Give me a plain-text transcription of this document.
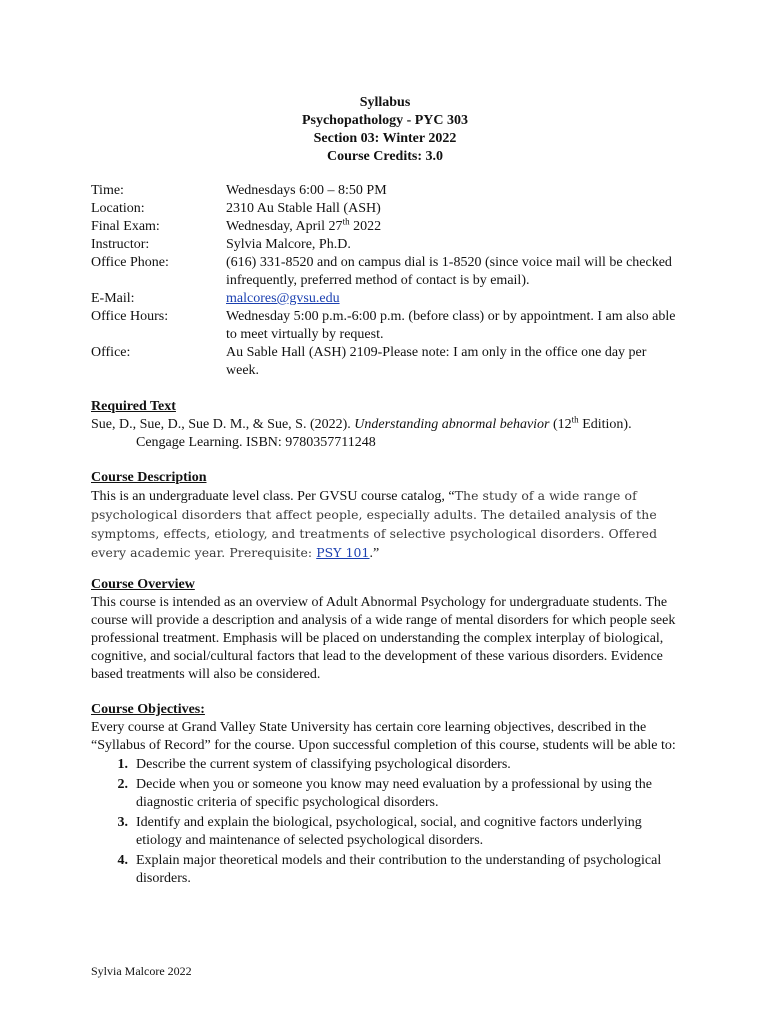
Syllabus
Psychopathology - PYC 303
Section 03: Winter 2022
Course Credits: 3.0
Time:	Wednesdays 6:00 – 8:50 PM
Location:	2310 Au Stable Hall (ASH)
Final Exam:	Wednesday, April 27th 2022
Instructor:	Sylvia Malcore, Ph.D.
Office Phone:	(616) 331-8520 and on campus dial is 1-8520 (since voice mail will be checked infrequently, preferred method of contact is by email).
E-Mail:	malcores@gvsu.edu
Office Hours:	Wednesday 5:00 p.m.-6:00 p.m. (before class) or by appointment. I am also able to meet virtually by request.
Office:	Au Sable Hall (ASH) 2109-Please note: I am only in the office one day per week.
Required Text
Sue, D., Sue, D., Sue D. M., & Sue, S. (2022). Understanding abnormal behavior (12th Edition). Cengage Learning. ISBN: 9780357711248
Course Description
This is an undergraduate level class. Per GVSU course catalog, “The study of a wide range of psychological disorders that affect people, especially adults. The detailed analysis of the symptoms, effects, etiology, and treatments of selective psychological disorders. Offered every academic year. Prerequisite: PSY 101.”
Course Overview
This course is intended as an overview of Adult Abnormal Psychology for undergraduate students. The course will provide a description and analysis of a wide range of mental disorders for which people seek professional treatment. Emphasis will be placed on understanding the complex interplay of biological, cognitive, and social/cultural factors that lead to the development of these various disorders. Evidence based treatments will also be considered.
Course Objectives:
Every course at Grand Valley State University has certain core learning objectives, described in the “Syllabus of Record” for the course. Upon successful completion of this course, students will be able to:
1. Describe the current system of classifying psychological disorders.
2. Decide when you or someone you know may need evaluation by a professional by using the diagnostic criteria of specific psychological disorders.
3. Identify and explain the biological, psychological, social, and cognitive factors underlying etiology and maintenance of selected psychological disorders.
4. Explain major theoretical models and their contribution to the understanding of psychological disorders.
Sylvia Malcore 2022
